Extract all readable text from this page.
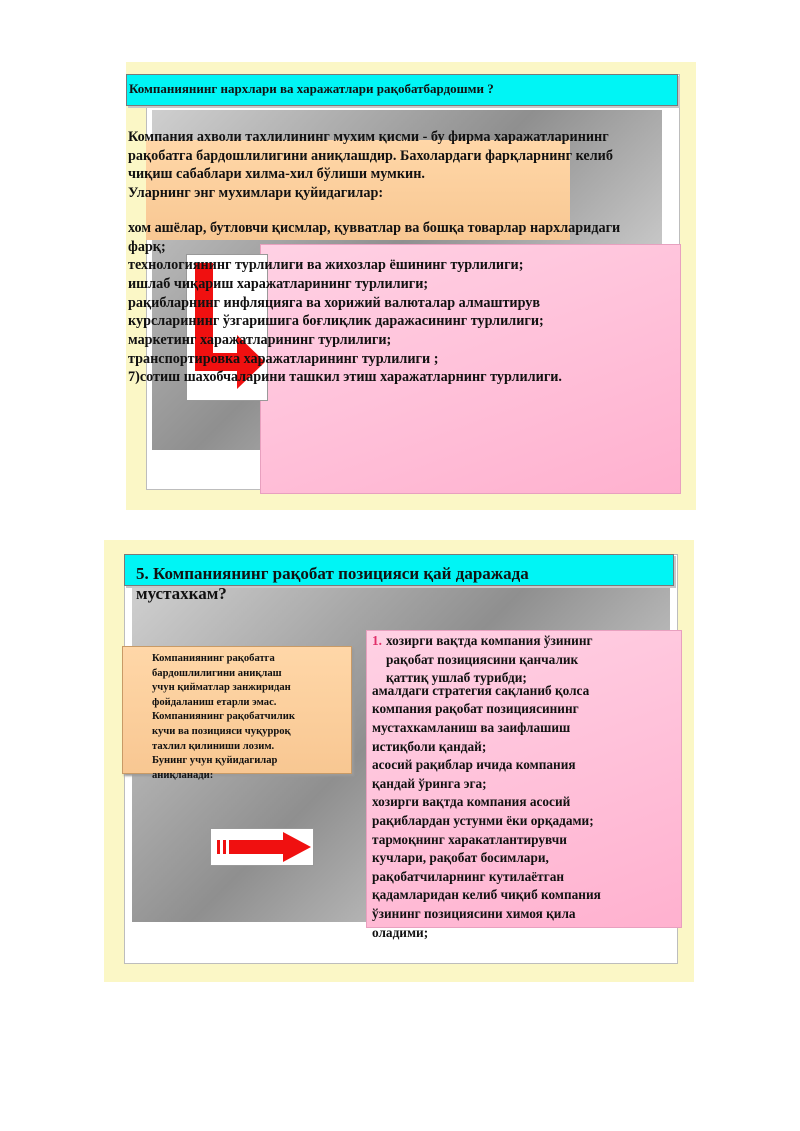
Компаниянинг нархлари ва харажатлари рақобатбардошми ?

Компания ахволи тахлилининг мухим қисми - бу фирма харажатларининг

рақобатга бардошлилигини аниқлашдир. Бахолардаги фарқларнинг келиб

чиқиш сабаблари хилма-хил бўлиши мумкин.

Уларнинг энг мухимлари қуйидагилар:

хом ашёлар, бутловчи қисмлар, қувватлар ва бошқа товарлар нархларидаги

фарқ;

технологиянинг турлилиги ва жихозлар ёшининг турлилиги;

ишлаб чиқариш харажатларининг турлилиги;

рақибларнинг инфляцияга ва хорижий валюталар алмаштирув

курсларининг ўзгаришига боғлиқлик даражасининг турлилиги;

маркетинг харажатларининг турлилиги;

транспортировка харажатларининг турлилиги ;

7)сотиш шахобчаларини ташкил этиш харажатларнинг турлилиги.

5. Компаниянинг рақобат позицияси қай даражада
мустахкам?

Компаниянинг рақобатга

бардошлилигини аниқлаш

учун қийматлар занжиридан

фойдаланиш етарли эмас.

Компаниянинг рақобатчилик

кучи ва позицияси чуқурроқ

тахлил қилиниши лозим.

Бунинг учун қуйидагилар

аниқланади:

1. хозирги вақтда компания ўзининг

рақобат позициясини қанчалик

қаттиқ ушлаб турибди;

амалдаги стратегия сақланиб қолса

компания рақобат позициясининг

мустахкамланиш ва заифлашиш

истиқболи қандай;

асосий рақиблар ичида компания

қандай ўринга эга;

хозирги вақтда компания асосий

рақиблардан устунми ёки орқадами;

тармоқнинг харакатлантирувчи

кучлари, рақобат босимлари,

рақобатчиларнинг кутилаётган

қадамларидан келиб чиқиб компания

ўзининг позициясини химоя қила

оладими;
